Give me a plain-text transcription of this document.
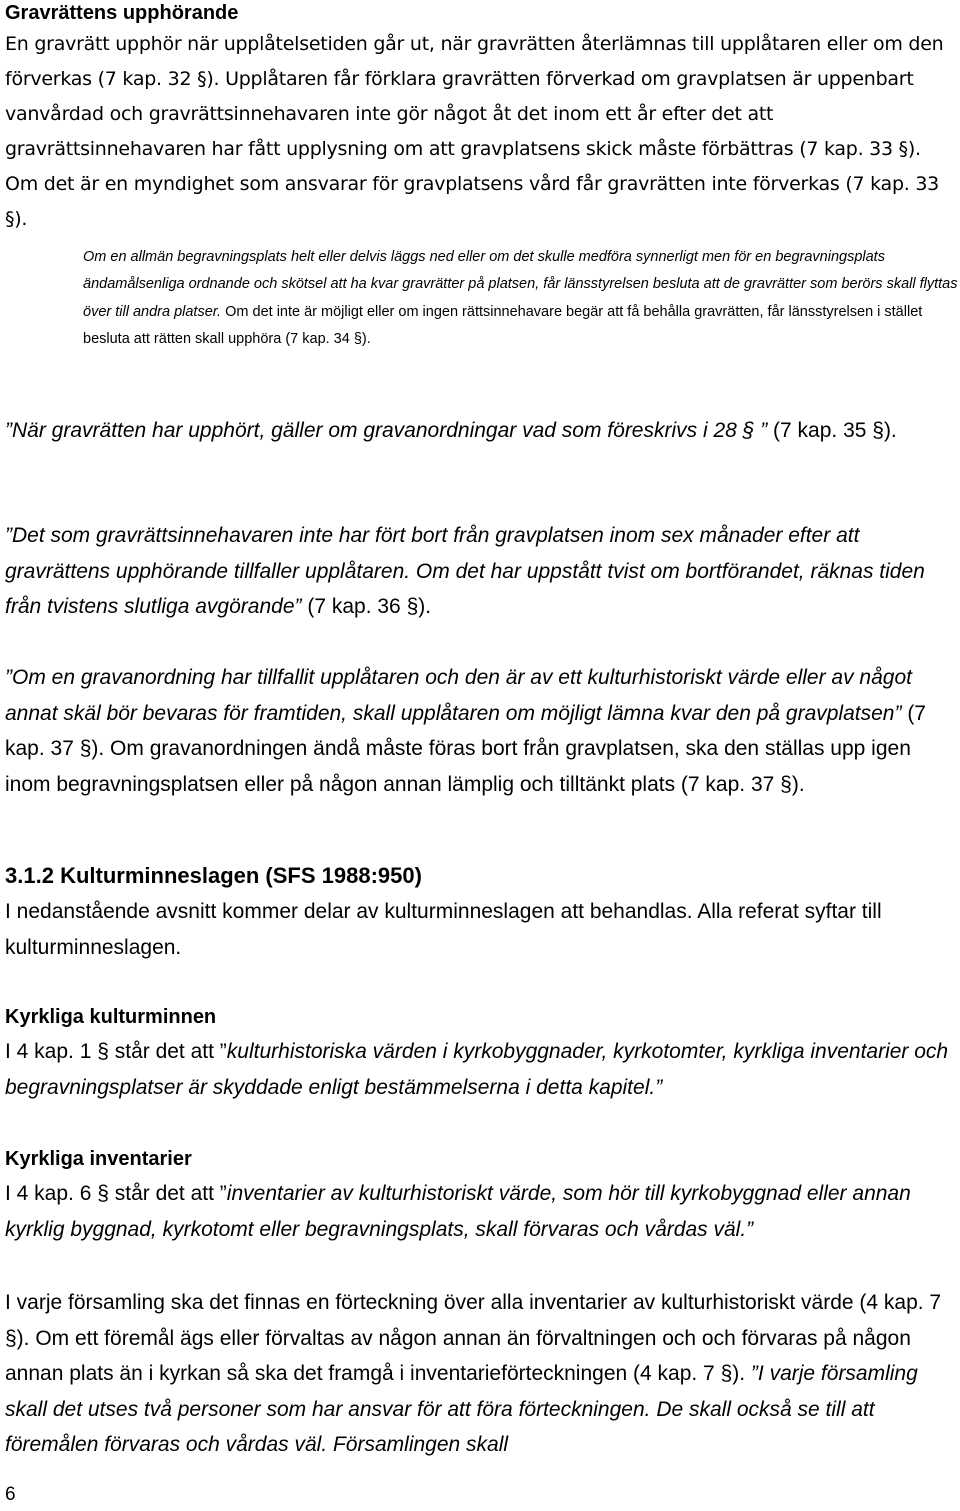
Gravrättens upphörande

En gravrätt upphör när upplåtelsetiden går ut, när gravrätten återlämnas till upplåtaren eller om den förverkas (7 kap. 32 §). Upplåtaren får förklara gravrätten förverkad om gravplatsen är uppenbart vanvårdad och gravrättsinnehavaren inte gör något åt det inom ett år efter det att gravrättsinnehavaren har fått upplysning om att gravplatsens skick måste förbättras (7 kap. 33 §). Om det är en myndighet som ansvarar för gravplatsens vård får gravrätten inte förverkas (7 kap. 33 §).

Om en allmän begravningsplats helt eller delvis läggs ned eller om det skulle medföra synnerligt men för en begravningsplats ändamålsenliga ordnande och skötsel att ha kvar gravrätter på platsen, får länsstyrelsen besluta att de gravrätter som berörs skall flyttas över till andra platser. Om det inte är möjligt eller om ingen rättsinnehavare begär att få behålla gravrätten, får länsstyrelsen i stället besluta att rätten skall upphöra (7 kap. 34 §).

”När gravrätten har upphört, gäller om gravanordningar vad som föreskrivs i 28 § ” (7 kap. 35 §).

”Det som gravrättsinnehavaren inte har fört bort från gravplatsen inom sex månader efter att gravrättens upphörande tillfaller upplåtaren. Om det har uppstått tvist om bortförandet, räknas tiden från tvistens slutliga avgörande” (7 kap. 36 §).

”Om en gravanordning har tillfallit upplåtaren och den är av ett kulturhistoriskt värde eller av något annat skäl bör bevaras för framtiden, skall upplåtaren om möjligt lämna kvar den på gravplatsen” (7 kap. 37 §). Om gravanordningen ändå måste föras bort från gravplatsen, ska den ställas upp igen inom begravningsplatsen eller på någon annan lämplig och tilltänkt plats (7 kap. 37 §).

3.1.2 Kulturminneslagen (SFS 1988:950)

I nedanstående avsnitt kommer delar av kulturminneslagen att behandlas. Alla referat syftar till kulturminneslagen.

Kyrkliga kulturminnen

I 4 kap. 1 § står det att ”kulturhistoriska värden i kyrkobyggnader, kyrkotomter, kyrkliga inventarier och begravningsplatser är skyddade enligt bestämmelserna i detta kapitel.”

Kyrkliga inventarier

I 4 kap. 6 § står det att ”inventarier av kulturhistoriskt värde, som hör till kyrkobyggnad eller annan kyrklig byggnad, kyrkotomt eller begravningsplats, skall förvaras och vårdas väl.”

I varje församling ska det finnas en förteckning över alla inventarier av kulturhistoriskt värde (4 kap. 7 §). Om ett föremål ägs eller förvaltas av någon annan än förvaltningen och och förvaras på någon annan plats än i kyrkan så ska det framgå i inventarieförteckningen (4 kap. 7 §). ”I varje församling skall det utses två personer som har ansvar för att föra förteckningen. De skall också se till att föremålen förvaras och vårdas väl. Församlingen skall

6
